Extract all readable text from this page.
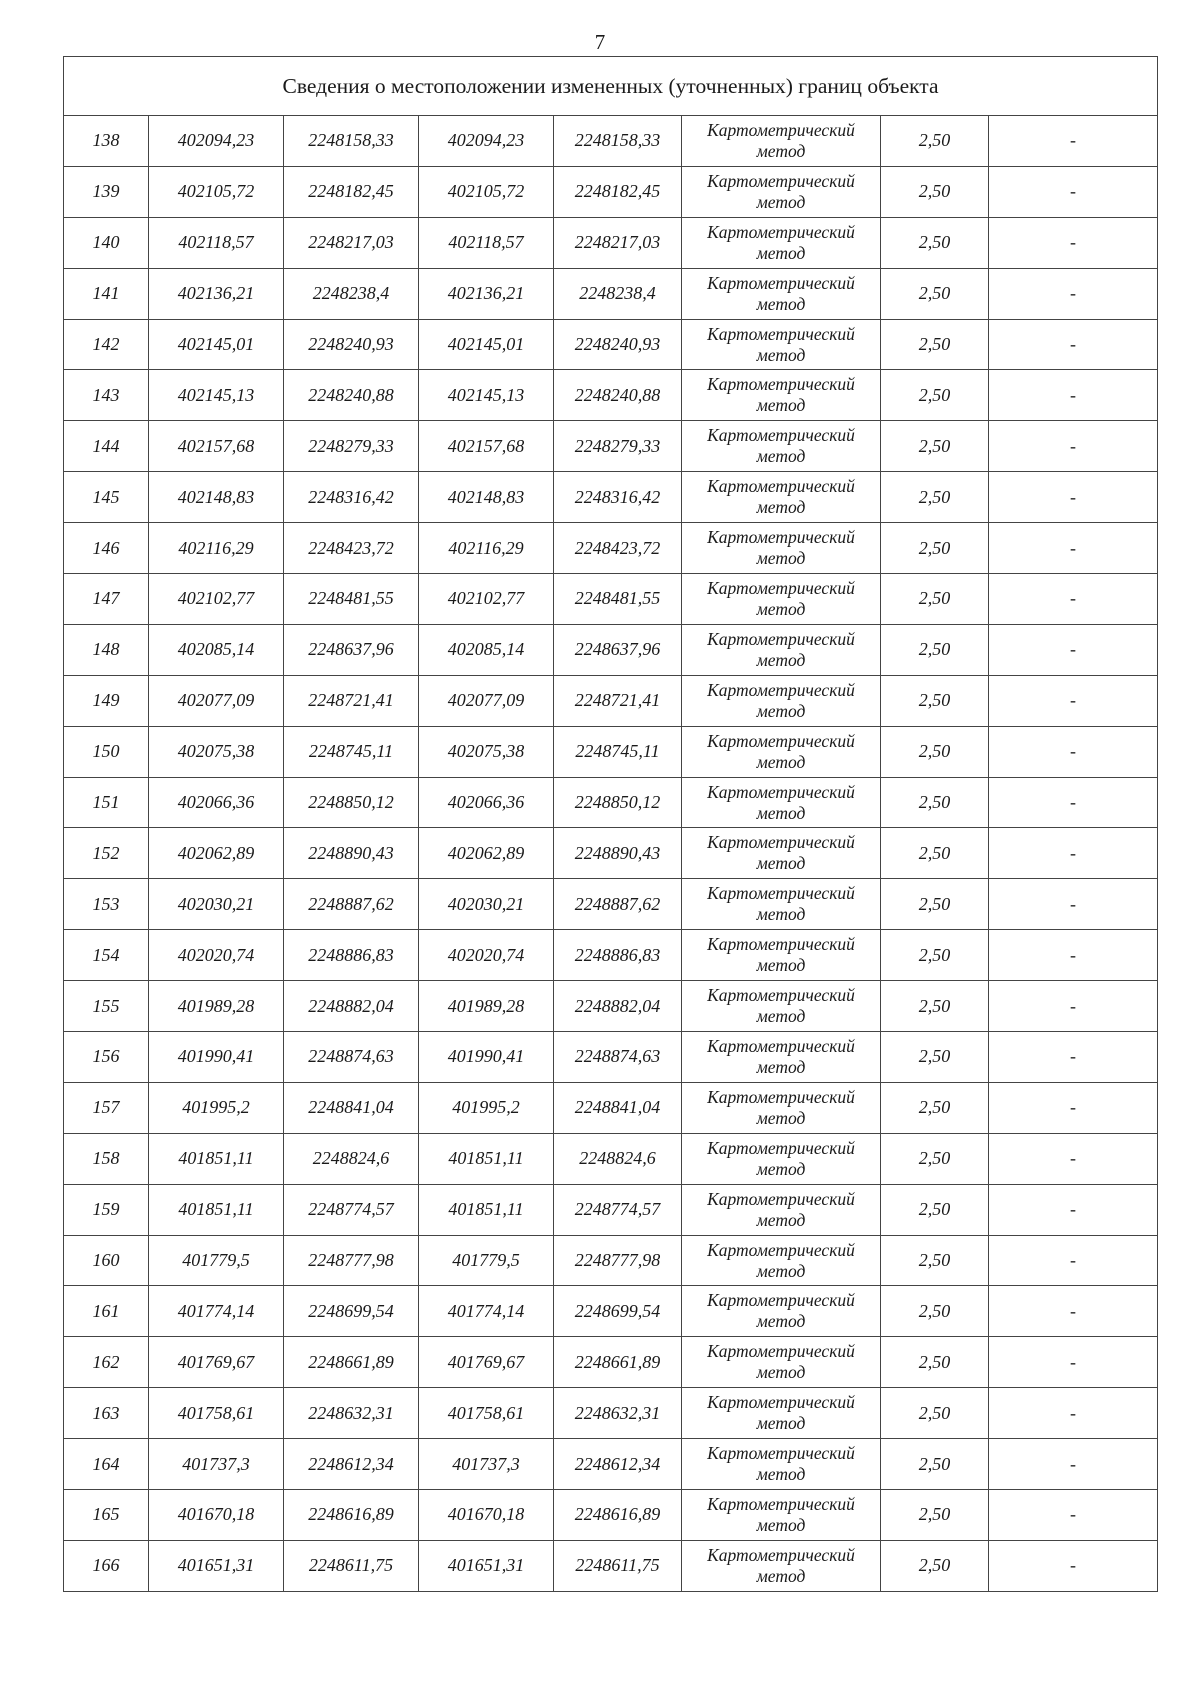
7
Сведения о местоположении измененных (уточненных) границ объекта							
138	402094,23	2248158,33	402094,23	2248158,33	Картометрический метод	2,50	-
139	402105,72	2248182,45	402105,72	2248182,45	Картометрический метод	2,50	-
140	402118,57	2248217,03	402118,57	2248217,03	Картометрический метод	2,50	-
141	402136,21	2248238,4	402136,21	2248238,4	Картометрический метод	2,50	-
142	402145,01	2248240,93	402145,01	2248240,93	Картометрический метод	2,50	-
143	402145,13	2248240,88	402145,13	2248240,88	Картометрический метод	2,50	-
144	402157,68	2248279,33	402157,68	2248279,33	Картометрический метод	2,50	-
145	402148,83	2248316,42	402148,83	2248316,42	Картометрический метод	2,50	-
146	402116,29	2248423,72	402116,29	2248423,72	Картометрический метод	2,50	-
147	402102,77	2248481,55	402102,77	2248481,55	Картометрический метод	2,50	-
148	402085,14	2248637,96	402085,14	2248637,96	Картометрический метод	2,50	-
149	402077,09	2248721,41	402077,09	2248721,41	Картометрический метод	2,50	-
150	402075,38	2248745,11	402075,38	2248745,11	Картометрический метод	2,50	-
151	402066,36	2248850,12	402066,36	2248850,12	Картометрический метод	2,50	-
152	402062,89	2248890,43	402062,89	2248890,43	Картометрический метод	2,50	-
153	402030,21	2248887,62	402030,21	2248887,62	Картометрический метод	2,50	-
154	402020,74	2248886,83	402020,74	2248886,83	Картометрический метод	2,50	-
155	401989,28	2248882,04	401989,28	2248882,04	Картометрический метод	2,50	-
156	401990,41	2248874,63	401990,41	2248874,63	Картометрический метод	2,50	-
157	401995,2	2248841,04	401995,2	2248841,04	Картометрический метод	2,50	-
158	401851,11	2248824,6	401851,11	2248824,6	Картометрический метод	2,50	-
159	401851,11	2248774,57	401851,11	2248774,57	Картометрический метод	2,50	-
160	401779,5	2248777,98	401779,5	2248777,98	Картометрический метод	2,50	-
161	401774,14	2248699,54	401774,14	2248699,54	Картометрический метод	2,50	-
162	401769,67	2248661,89	401769,67	2248661,89	Картометрический метод	2,50	-
163	401758,61	2248632,31	401758,61	2248632,31	Картометрический метод	2,50	-
164	401737,3	2248612,34	401737,3	2248612,34	Картометрический метод	2,50	-
165	401670,18	2248616,89	401670,18	2248616,89	Картометрический метод	2,50	-
166	401651,31	2248611,75	401651,31	2248611,75	Картометрический метод	2,50	-
